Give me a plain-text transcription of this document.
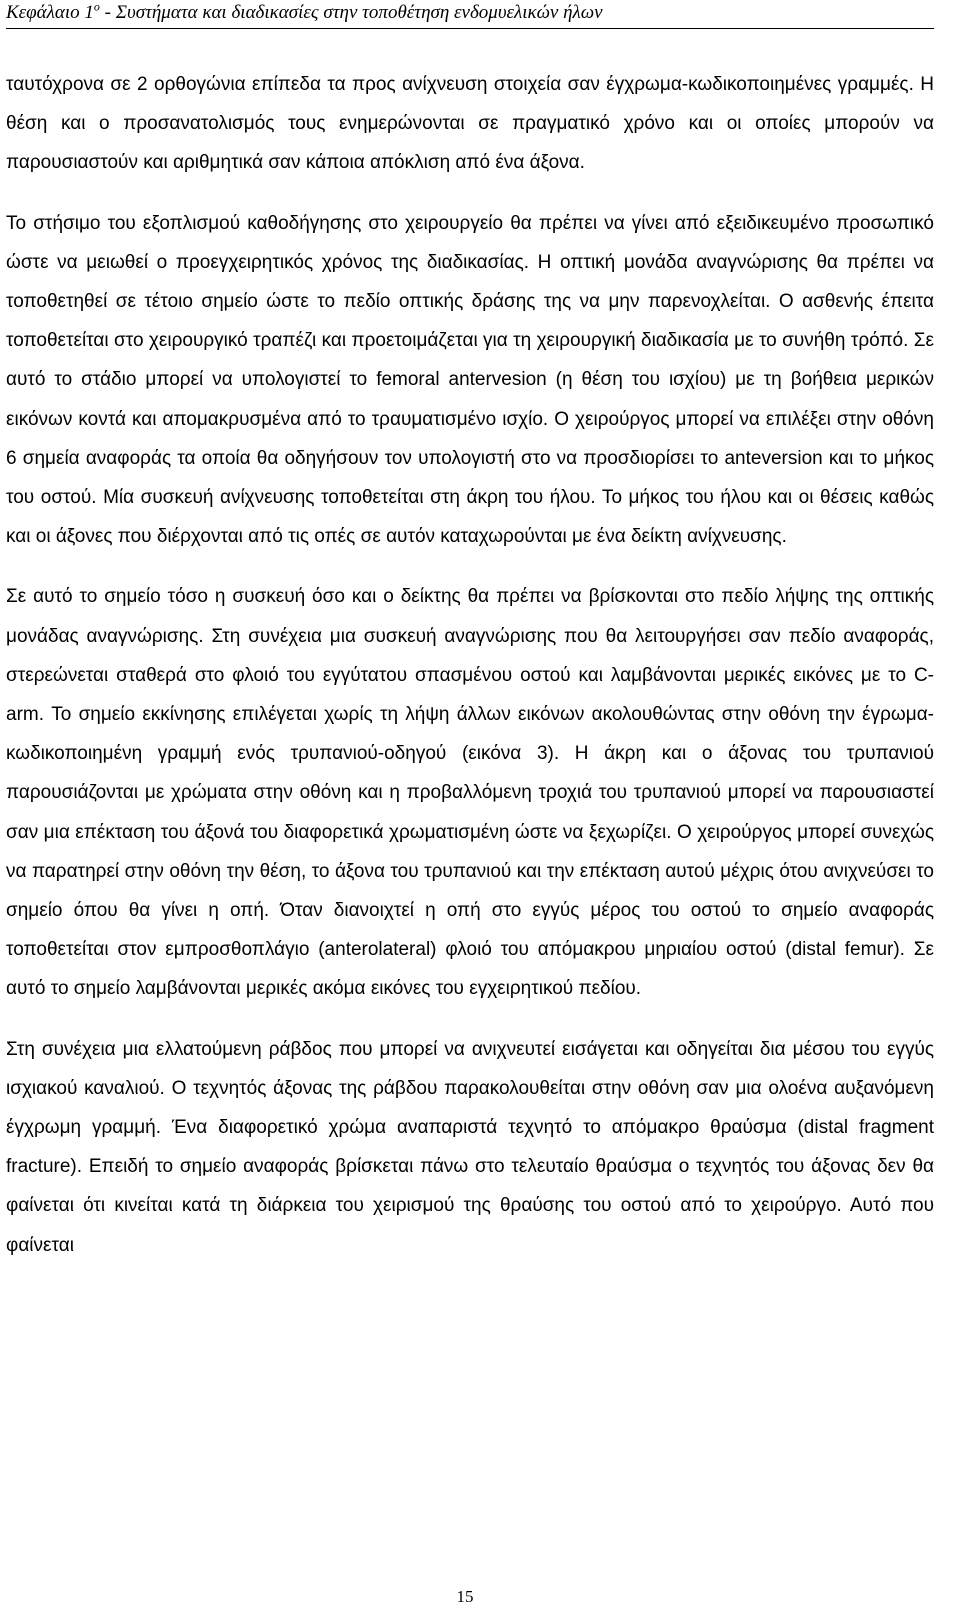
Κεφάλαιο $1^o$ - Συστήματα και διαδικασίες στην τοποθέτηση ενδομυελικών ήλων

ταυτόχρονα σε 2 ορθογώνια επίπεδα τα προς ανίχνευση στοιχεία σαν έγχρωμα-κωδικοποιημένες γραμμές. Η θέση και ο προσανατολισμός τους ενημερώνονται σε πραγματικό χρόνο και οι οποίες μπορούν να παρουσιαστούν και αριθμητικά σαν κάποια απόκλιση από ένα άξονα.

Το στήσιμο του εξοπλισμού καθοδήγησης στο χειρουργείο θα πρέπει να γίνει από εξειδικευμένο προσωπικό ώστε να μειωθεί ο προεγχειρητικός χρόνος της διαδικασίας. Η οπτική μονάδα αναγνώρισης θα πρέπει να τοποθετηθεί σε τέτοιο σημείο ώστε το πεδίο οπτικής δράσης της να μην παρενοχλείται. Ο ασθενής έπειτα τοποθετείται στο χειρουργικό τραπέζι και προετοιμάζεται για τη χειρουργική διαδικασία με το συνήθη τρόπό. Σε αυτό το στάδιο μπορεί να υπολογιστεί το femoral antervesion (η θέση του ισχίου) με τη βοήθεια μερικών εικόνων κοντά και απομακρυσμένα από το τραυματισμένο ισχίο. Ο χειρούργος μπορεί να επιλέξει στην οθόνη 6 σημεία αναφοράς τα οποία θα οδηγήσουν τον υπολογιστή στο να προσδιορίσει το anteversion και το μήκος του οστού. Μία συσκευή ανίχνευσης τοποθετείται στη άκρη του ήλου. Το μήκος του ήλου και οι θέσεις καθώς και οι άξονες που διέρχονται από τις οπές σε αυτόν καταχωρούνται με ένα δείκτη ανίχνευσης.

Σε αυτό το σημείο τόσο η συσκευή όσο και ο δείκτης θα πρέπει να βρίσκονται στο πεδίο λήψης της οπτικής μονάδας αναγνώρισης. Στη συνέχεια μια συσκευή αναγνώρισης που θα λειτουργήσει σαν πεδίο αναφοράς, στερεώνεται σταθερά στο φλοιό του εγγύτατου σπασμένου οστού και λαμβάνονται μερικές εικόνες με το C-arm. Το σημείο εκκίνησης επιλέγεται χωρίς τη λήψη άλλων εικόνων ακολουθώντας στην οθόνη την έγρωμα-κωδικοποιημένη γραμμή ενός τρυπανιού-οδηγού (εικόνα 3). Η άκρη και ο άξονας του τρυπανιού παρουσιάζονται με χρώματα στην οθόνη και η προβαλλόμενη τροχιά του τρυπανιού μπορεί να παρουσιαστεί σαν μια επέκταση του άξονά του διαφορετικά χρωματισμένη ώστε να ξεχωρίζει. Ο χειρούργος μπορεί συνεχώς να παρατηρεί στην οθόνη την θέση, το άξονα του τρυπανιού και την επέκταση αυτού μέχρις ότου ανιχνεύσει το σημείο όπου θα γίνει η οπή. Όταν διανοιχτεί η οπή στο εγγύς μέρος του οστού το σημείο αναφοράς τοποθετείται στον εμπροσθοπλάγιο (anterolateral) φλοιό του απόμακρου μηριαίου οστού (distal femur). Σε αυτό το σημείο λαμβάνονται μερικές ακόμα εικόνες του εγχειρητικού πεδίου.

Στη συνέχεια μια ελλατούμενη ράβδος που μπορεί να ανιχνευτεί εισάγεται και οδηγείται δια μέσου του εγγύς ισχιακού καναλιού. Ο τεχνητός άξονας της ράβδου παρακολουθείται στην οθόνη σαν μια ολοένα αυξανόμενη έγχρωμη γραμμή. Ένα διαφορετικό χρώμα αναπαριστά τεχνητό το απόμακρο θραύσμα (distal fragment fracture). Επειδή το σημείο αναφοράς βρίσκεται πάνω στο τελευταίο θραύσμα ο τεχνητός του άξονας δεν θα φαίνεται ότι κινείται κατά τη διάρκεια του χειρισμού της θραύσης του οστού από το χειρούργο. Αυτό που φαίνεται

15
